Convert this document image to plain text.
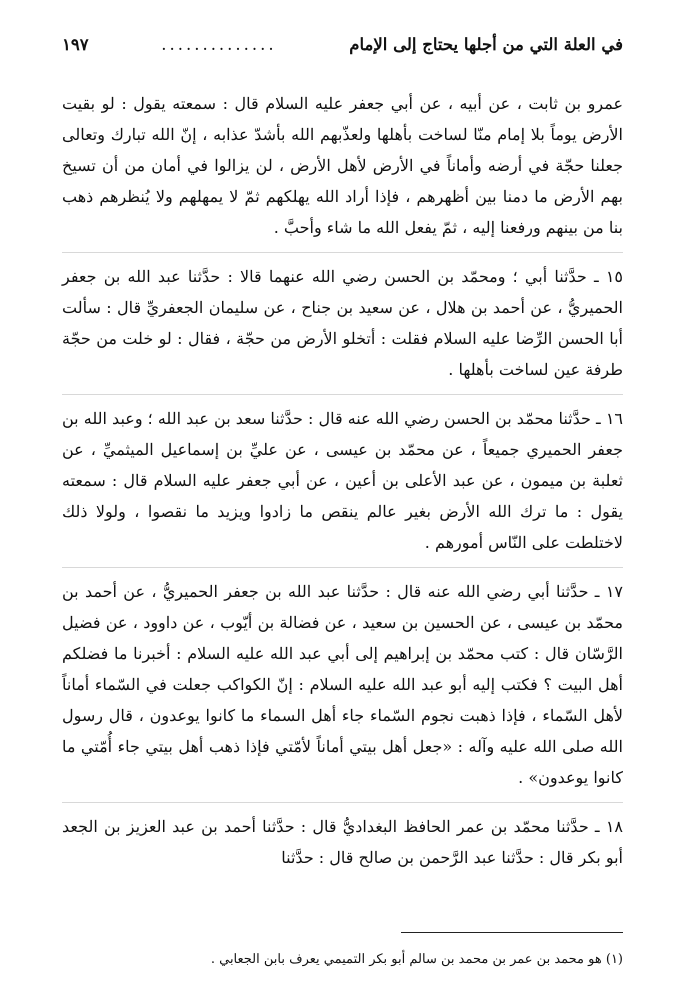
في العلة التي من أجلها يحتاج إلى الإمام
..............
١٩٧

عمرو بن ثابت ، عن أبيه ، عن أبي جعفر عليه السلام قال : سمعته يقول : لو بقيت الأرض يوماً بلا إمام منّا لساخت بأهلها ولعذّبهم الله بأشدّ عذابه ، إنّ الله تبارك وتعالى جعلنا حجّة في أرضه وأماناً في الأرض لأهل الأرض ، لن يزالوا في أمان من أن تسيخ بهم الأرض ما دمنا بين أظهرهم ، فإذا أراد الله يهلكهم ثمّ لا يمهلهم ولا يُنظرهم ذهب بنا من بينهم ورفعنا إليه ، ثمّ يفعل الله ما شاء وأحبَّ .

١٥ ـ حدَّثنا أبي ؛ ومحمّد بن الحسن رضي الله عنهما قالا : حدَّثنا عبد الله بن جعفر الحميريُّ ، عن أحمد بن هلال ، عن سعيد بن جناح ، عن سليمان الجعفريِّ قال : سألت أبا الحسن الرِّضا عليه السلام فقلت : أتخلو الأرض من حجّة ، فقال : لو خلت من حجّة طرفة عين لساخت بأهلها .

١٦ ـ حدَّثنا محمّد بن الحسن رضي الله عنه قال : حدَّثنا سعد بن عبد الله ؛ وعبد الله بن جعفر الحميري جميعاً ، عن محمّد بن عيسى ، عن عليِّ بن إسماعيل الميثميِّ ، عن ثعلبة بن ميمون ، عن عبد الأعلى بن أعين ، عن أبي جعفر عليه السلام قال : سمعته يقول : ما ترك الله الأرض بغير عالم ينقص ما زادوا ويزيد ما نقصوا ، ولولا ذلك لاختلطت على النّاس أمورهم .

١٧ ـ حدَّثنا أبي رضي الله عنه قال : حدَّثنا عبد الله بن جعفر الحميريُّ ، عن أحمد بن محمّد بن عيسى ، عن الحسين بن سعيد ، عن فضالة بن أيّوب ، عن داوود ، عن فضيل الرَّسّان قال : كتب محمّد بن إبراهيم إلى أبي عبد الله عليه السلام : أخبرنا ما فضلكم أهل البيت ؟ فكتب إليه أبو عبد الله عليه السلام : إنّ الكواكب جعلت في السّماء أماناً لأهل السّماء ، فإذا ذهبت نجوم السّماء جاء أهل السماء ما كانوا يوعدون ، قال رسول الله صلى الله عليه وآله : «جعل أهل بيتي أماناً لأمّتي فإذا ذهب أهل بيتي جاء أُمّتي ما كانوا يوعدون» .

١٨ ـ حدَّثنا محمّد بن عمر الحافظ البغداديُّ قال : حدَّثنا أحمد بن عبد العزيز بن الجعد أبو بكر قال : حدَّثنا عبد الرَّحمن بن صالح قال : حدَّثنا

(١) هو محمد بن عمر بن محمد بن سالم أبو بكر التميمي يعرف بابن الجعابي .
